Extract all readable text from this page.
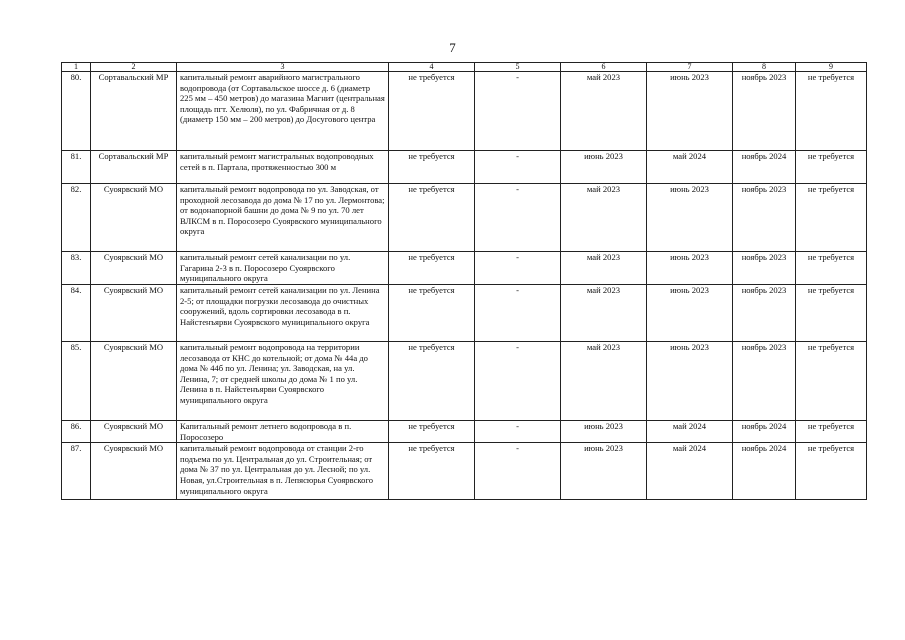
7
1	2	3	4	5	6	7	8	9
80.	Сортавальский МР	капитальный ремонт аварийного магистрального водопровода (от Сортавальское шоссе д. 6 (диаметр 225 мм – 450 метров) до магазина Магнит (центральная площадь пгт. Хелюля), по ул. Фабричная от д. 8 (диаметр 150 мм – 200 метров) до Досугового центра	не требуется	-	май 2023	июнь 2023	ноябрь 2023	не требуется
81.	Сортавальский МР	капитальный ремонт магистральных водопроводных сетей в п. Партала, протяженностью 300 м	не требуется	-	июнь 2023	май 2024	ноябрь 2024	не требуется
82.	Суоярвский МО	капитальный ремонт водопровода по ул. Заводская, от проходной лесозавода до дома № 17 по ул. Лермонтова; от водонапорной башни до дома № 9 по ул. 70 лет ВЛКСМ в п. Поросозеро Суоярвского муниципального округа	не требуется	-	май 2023	июнь 2023	ноябрь 2023	не требуется
83.	Суоярвский МО	капитальный ремонт сетей канализации по ул. Гагарина 2-3 в п. Поросозеро Суоярвского муниципального округа	не требуется	-	май 2023	июнь 2023	ноябрь 2023	не требуется
84.	Суоярвский МО	капитальный ремонт сетей канализации по ул. Ленина 2-5; от площадки погрузки лесозавода до очистных сооружений, вдоль сортировки лесозавода в п. Найстенъярви Суоярвского муниципального округа	не требуется	-	май 2023	июнь 2023	ноябрь 2023	не требуется
85.	Суоярвский МО	капитальный ремонт водопровода на территории лесозавода от КНС до котельной; от дома № 44а до дома № 44б по ул. Ленина; ул. Заводская, на ул. Ленина, 7; от средней школы до дома № 1 по ул. Ленина в п. Найстенъярви Суоярвского муниципального округа	не требуется	-	май 2023	июнь 2023	ноябрь 2023	не требуется
86.	Суоярвский МО	Капитальный ремонт летнего водопровода в п. Поросозеро	не требуется	-	июнь 2023	май 2024	ноябрь 2024	не требуется
87.	Суоярвский МО	капитальный ремонт водопровода от станции 2-го подъема по ул. Центральная до ул. Строительная; от дома № 37 по ул. Центральная до ул. Лесной; по ул. Новая, ул.Строительная в п. Лепясюрья Суоярвского муниципального округа	не требуется	-	июнь 2023	май 2024	ноябрь 2024	не требуется
